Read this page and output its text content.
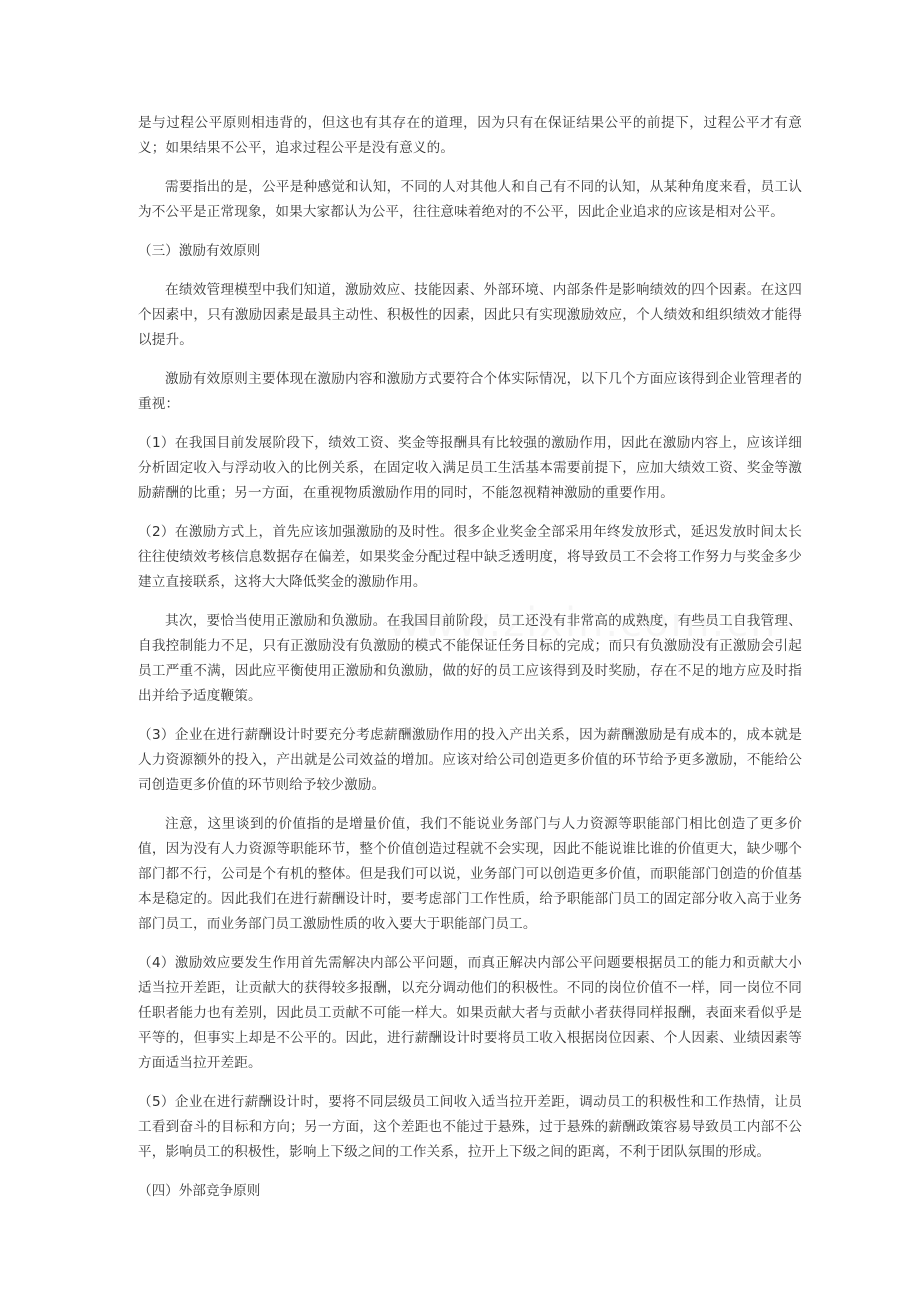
是与过程公平原则相违背的，但这也有其存在的道理，因为只有在保证结果公平的前提下，过程公平才有意义；如果结果不公平，追求过程公平是没有意义的。

需要指出的是，公平是种感觉和认知，不同的人对其他人和自己有不同的认知，从某种角度来看，员工认为不公平是正常现象，如果大家都认为公平，往往意味着绝对的不公平，因此企业追求的应该是相对公平。

（三）激励有效原则

在绩效管理模型中我们知道，激励效应、技能因素、外部环境、内部条件是影响绩效的四个因素。在这四个因素中，只有激励因素是最具主动性、积极性的因素，因此只有实现激励效应，个人绩效和组织绩效才能得以提升。

激励有效原则主要体现在激励内容和激励方式要符合个体实际情况，以下几个方面应该得到企业管理者的重视：

（1）在我国目前发展阶段下，绩效工资、奖金等报酬具有比较强的激励作用，因此在激励内容上，应该详细分析固定收入与浮动收入的比例关系，在固定收入满足员工生活基本需要前提下，应加大绩效工资、奖金等激励薪酬的比重；另一方面，在重视物质激励作用的同时，不能忽视精神激励的重要作用。

（2）在激励方式上，首先应该加强激励的及时性。很多企业奖金全部采用年终发放形式，延迟发放时间太长往往使绩效考核信息数据存在偏差，如果奖金分配过程中缺乏透明度，将导致员工不会将工作努力与奖金多少建立直接联系，这将大大降低奖金的激励作用。

其次，要恰当使用正激励和负激励。在我国目前阶段，员工还没有非常高的成熟度，有些员工自我管理、自我控制能力不足，只有正激励没有负激励的模式不能保证任务目标的完成；而只有负激励没有正激励会引起员工严重不满，因此应平衡使用正激励和负激励，做的好的员工应该得到及时奖励，存在不足的地方应及时指出并给予适度鞭策。

（3）企业在进行薪酬设计时要充分考虑薪酬激励作用的投入产出关系，因为薪酬激励是有成本的，成本就是人力资源额外的投入，产出就是公司效益的增加。应该对给公司创造更多价值的环节给予更多激励，不能给公司创造更多价值的环节则给予较少激励。

注意，这里谈到的价值指的是增量价值，我们不能说业务部门与人力资源等职能部门相比创造了更多价值，因为没有人力资源等职能环节，整个价值创造过程就不会实现，因此不能说谁比谁的价值更大，缺少哪个部门都不行，公司是个有机的整体。但是我们可以说，业务部门可以创造更多价值，而职能部门创造的价值基本是稳定的。因此我们在进行薪酬设计时，要考虑部门工作性质，给予职能部门员工的固定部分收入高于业务部门员工，而业务部门员工激励性质的收入要大于职能部门员工。

（4）激励效应要发生作用首先需解决内部公平问题，而真正解决内部公平问题要根据员工的能力和贡献大小适当拉开差距，让贡献大的获得较多报酬，以充分调动他们的积极性。不同的岗位价值不一样，同一岗位不同任职者能力也有差别，因此员工贡献不可能一样大。如果贡献大者与贡献小者获得同样报酬，表面来看似乎是平等的，但事实上却是不公平的。因此，进行薪酬设计时要将员工收入根据岗位因素、个人因素、业绩因素等方面适当拉开差距。

（5）企业在进行薪酬设计时，要将不同层级员工间收入适当拉开差距，调动员工的积极性和工作热情，让员工看到奋斗的目标和方向；另一方面，这个差距也不能过于悬殊，过于悬殊的薪酬政策容易导致员工内部不公平，影响员工的积极性，影响上下级之间的工作关系，拉开上下级之间的距离，不利于团队氛围的形成。

（四）外部竞争原则
